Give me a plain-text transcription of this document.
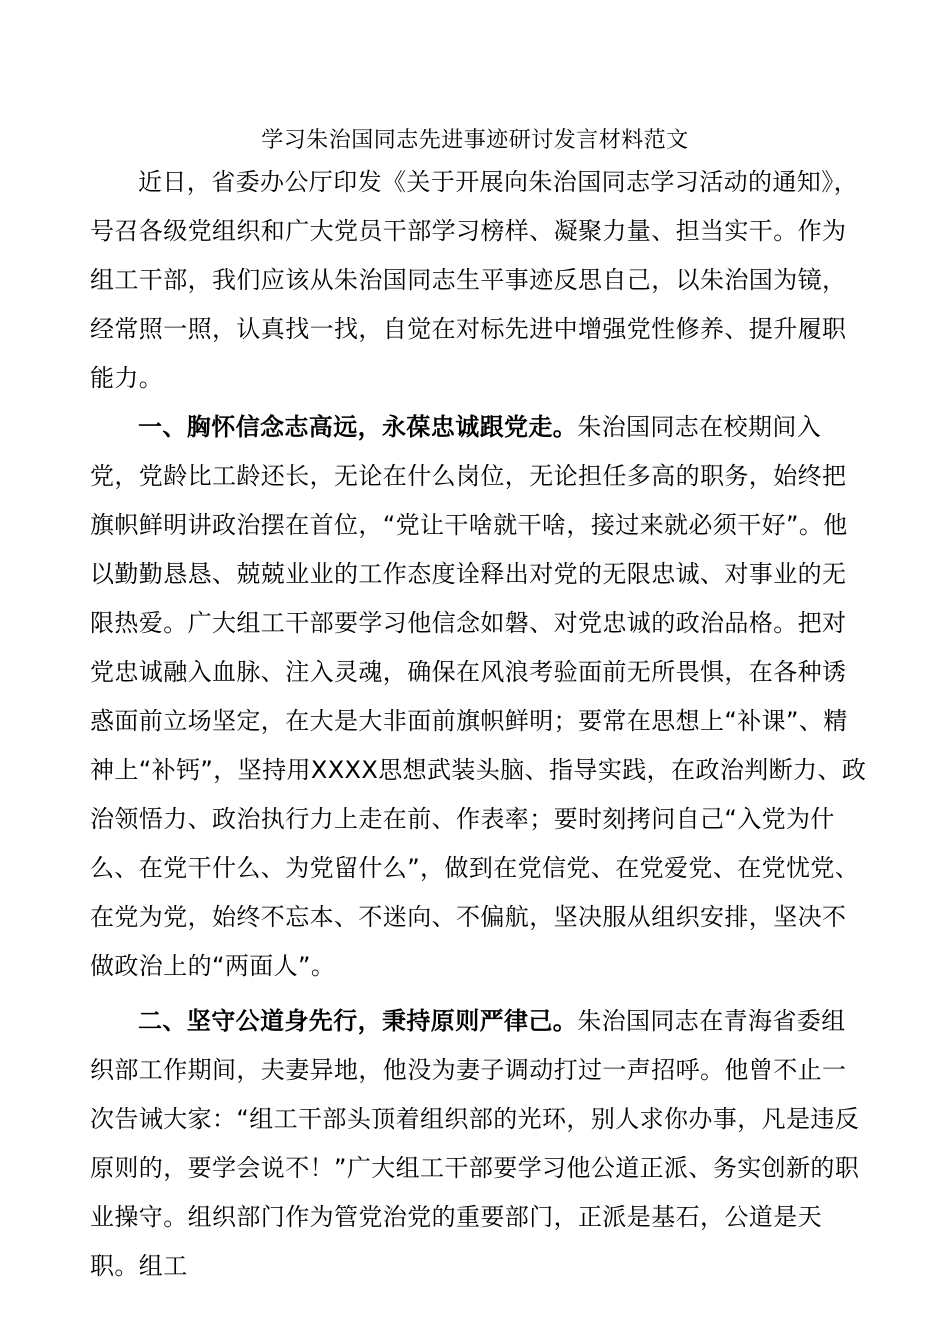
学习朱治国同志先进事迹研讨发言材料范文

近日，省委办公厅印发《关于开展向朱治国同志学习活动的通知》，号召各级党组织和广大党员干部学习榜样、凝聚力量、担当实干。作为组工干部，我们应该从朱治国同志生平事迹反思自己，以朱治国为镜，经常照一照，认真找一找，自觉在对标先进中增强党性修养、提升履职能力。

一、胸怀信念志高远，永葆忠诚跟党走。朱治国同志在校期间入党，党龄比工龄还长，无论在什么岗位，无论担任多高的职务，始终把旗帜鲜明讲政治摆在首位，“党让干啥就干啥，接过来就必须干好”。他以勤勤恳恳、兢兢业业的工作态度诠释出对党的无限忠诚、对事业的无限热爱。广大组工干部要学习他信念如磐、对党忠诚的政治品格。把对党忠诚融入血脉、注入灵魂，确保在风浪考验面前无所畏惧，在各种诱惑面前立场坚定，在大是大非面前旗帜鲜明；要常在思想上“补课”、精神上“补钙”，坚持用XXXX思想武装头脑、指导实践，在政治判断力、政治领悟力、政治执行力上走在前、作表率；要时刻拷问自己“入党为什么、在党干什么、为党留什么”，做到在党信党、在党爱党、在党忧党、在党为党，始终不忘本、不迷向、不偏航，坚决服从组织安排，坚决不做政治上的“两面人”。

二、坚守公道身先行，秉持原则严律己。朱治国同志在青海省委组织部工作期间，夫妻异地，他没为妻子调动打过一声招呼。他曾不止一次告诫大家：“组工干部头顶着组织部的光环，别人求你办事，凡是违反原则的，要学会说不！”广大组工干部要学习他公道正派、务实创新的职业操守。组织部门作为管党治党的重要部门，正派是基石，公道是天职。组工
